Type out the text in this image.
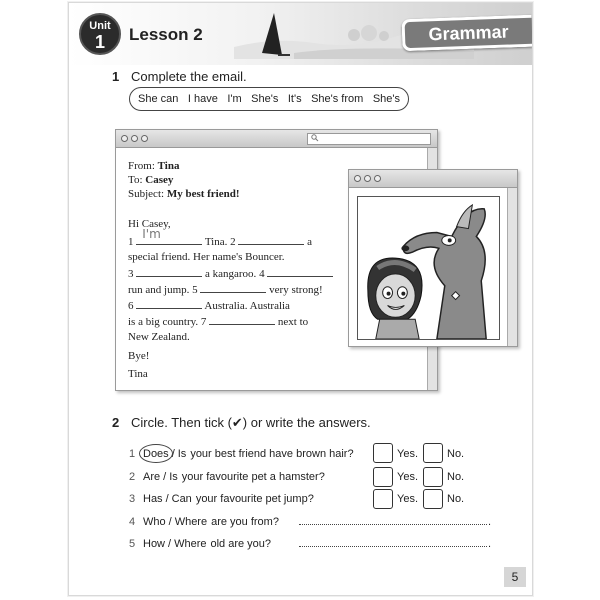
Unit
1	Lesson 2	Grammar
1 Complete the email.
She can I have I'm She's It's She's from She's
From: Tina
To: Casey
Subject: My best friend!
Hi Casey,
1
I'm
Tina. 2	a
special friend. Her name's Bouncer.
3	a kangaroo. 4
run and jump. 5	very strong!
6	Australia. Australia
is a big country. 7	next to
New Zealand.
Bye!
Tina
2 Circle. Then tick (✔) or write the answers.
1 Does / Is your best friend have brown hair?	Yes.	No.
2 Are / Is your favourite pet a hamster?	Yes.	No.
3 Has / Can your favourite pet jump?	Yes.	No.
4 Who / Where are you from?	.
5 How / Where old are you?	.
5
